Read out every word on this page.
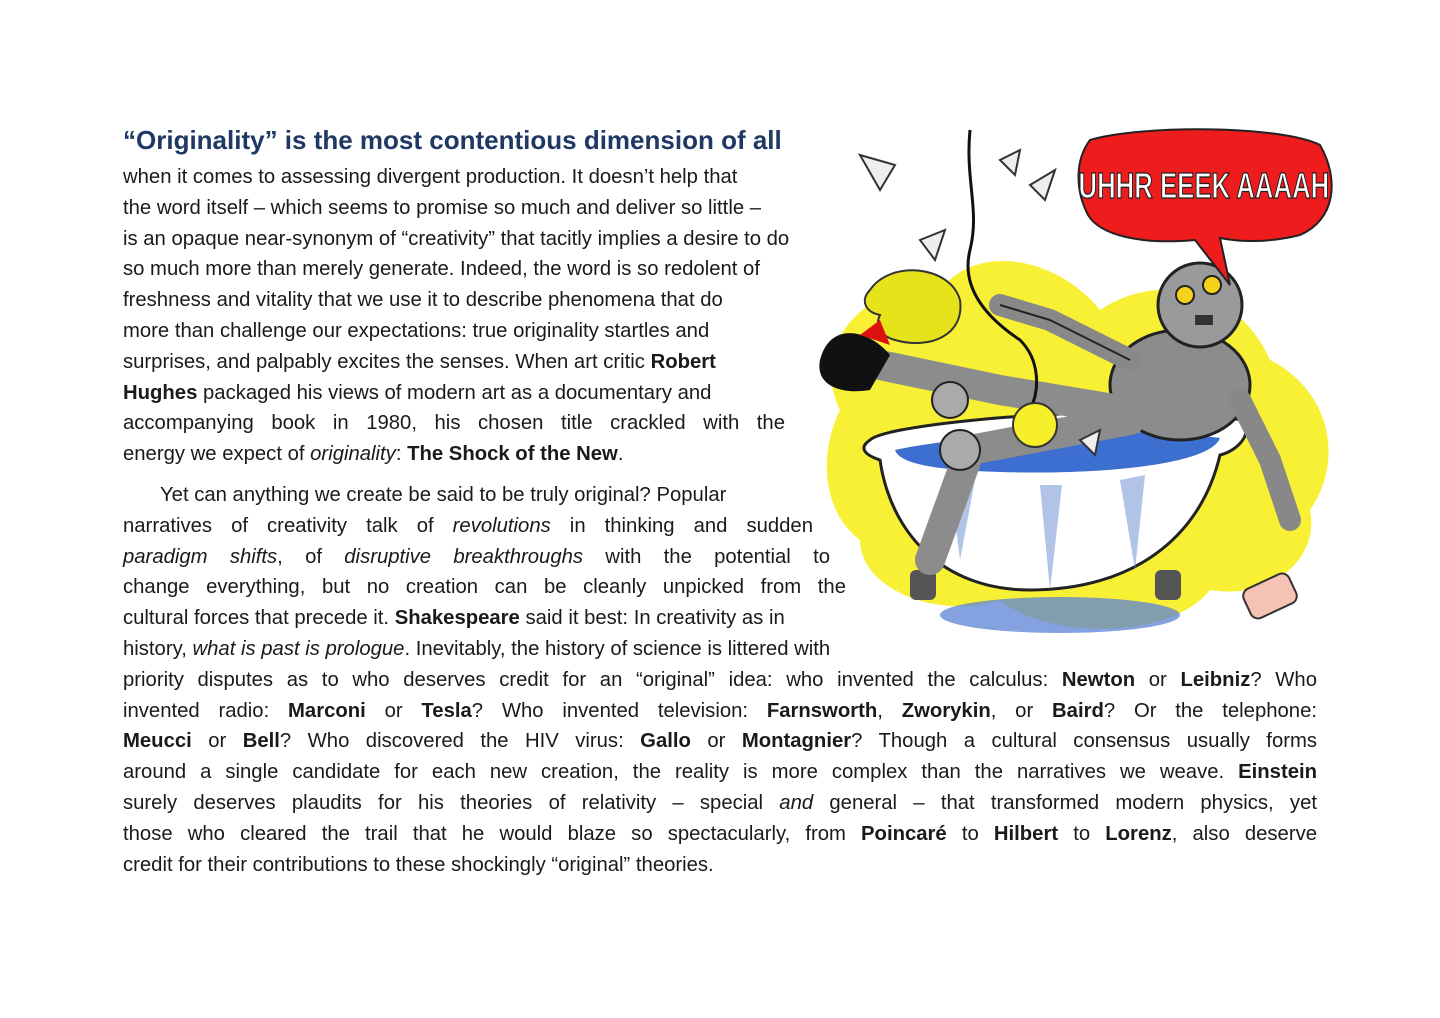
UHHR EEEK AAAAH
“Originality” is the most contentious dimension of all
when it comes to assessing divergent production. It doesn’t help that
the word itself – which seems to promise so much and deliver so little –
is an opaque near-synonym of “creativity” that tacitly implies a desire to do
so much more than merely generate. Indeed, the word is so redolent of
freshness and vitality that we use it to describe phenomena that do
more than challenge our expectations: true originality startles and
surprises, and palpably excites the senses. When art critic Robert
Hughes packaged his views of modern art as a documentary and
accompanying book in 1980, his chosen title crackled with the
energy we expect of originality: The Shock of the New.
Yet can anything we create be said to be truly original? Popular
narratives of creativity talk of revolutions in thinking and sudden
paradigm shifts, of disruptive breakthroughs with the potential to
change everything, but no creation can be cleanly unpicked from the
cultural forces that precede it. Shakespeare said it best: In creativity as in
history, what is past is prologue. Inevitably, the history of science is littered with
priority disputes as to who deserves credit for an “original” idea: who invented the calculus: Newton or Leibniz? Who
invented radio: Marconi or Tesla? Who invented television: Farnsworth, Zworykin, or Baird? Or the telephone:
Meucci or Bell? Who discovered the HIV virus: Gallo or Montagnier? Though a cultural consensus usually forms
around a single candidate for each new creation, the reality is more complex than the narratives we weave. Einstein
surely deserves plaudits for his theories of relativity – special and general – that transformed modern physics, yet
those who cleared the trail that he would blaze so spectacularly, from Poincaré to Hilbert to Lorenz, also deserve
credit for their contributions to these shockingly “original” theories.
